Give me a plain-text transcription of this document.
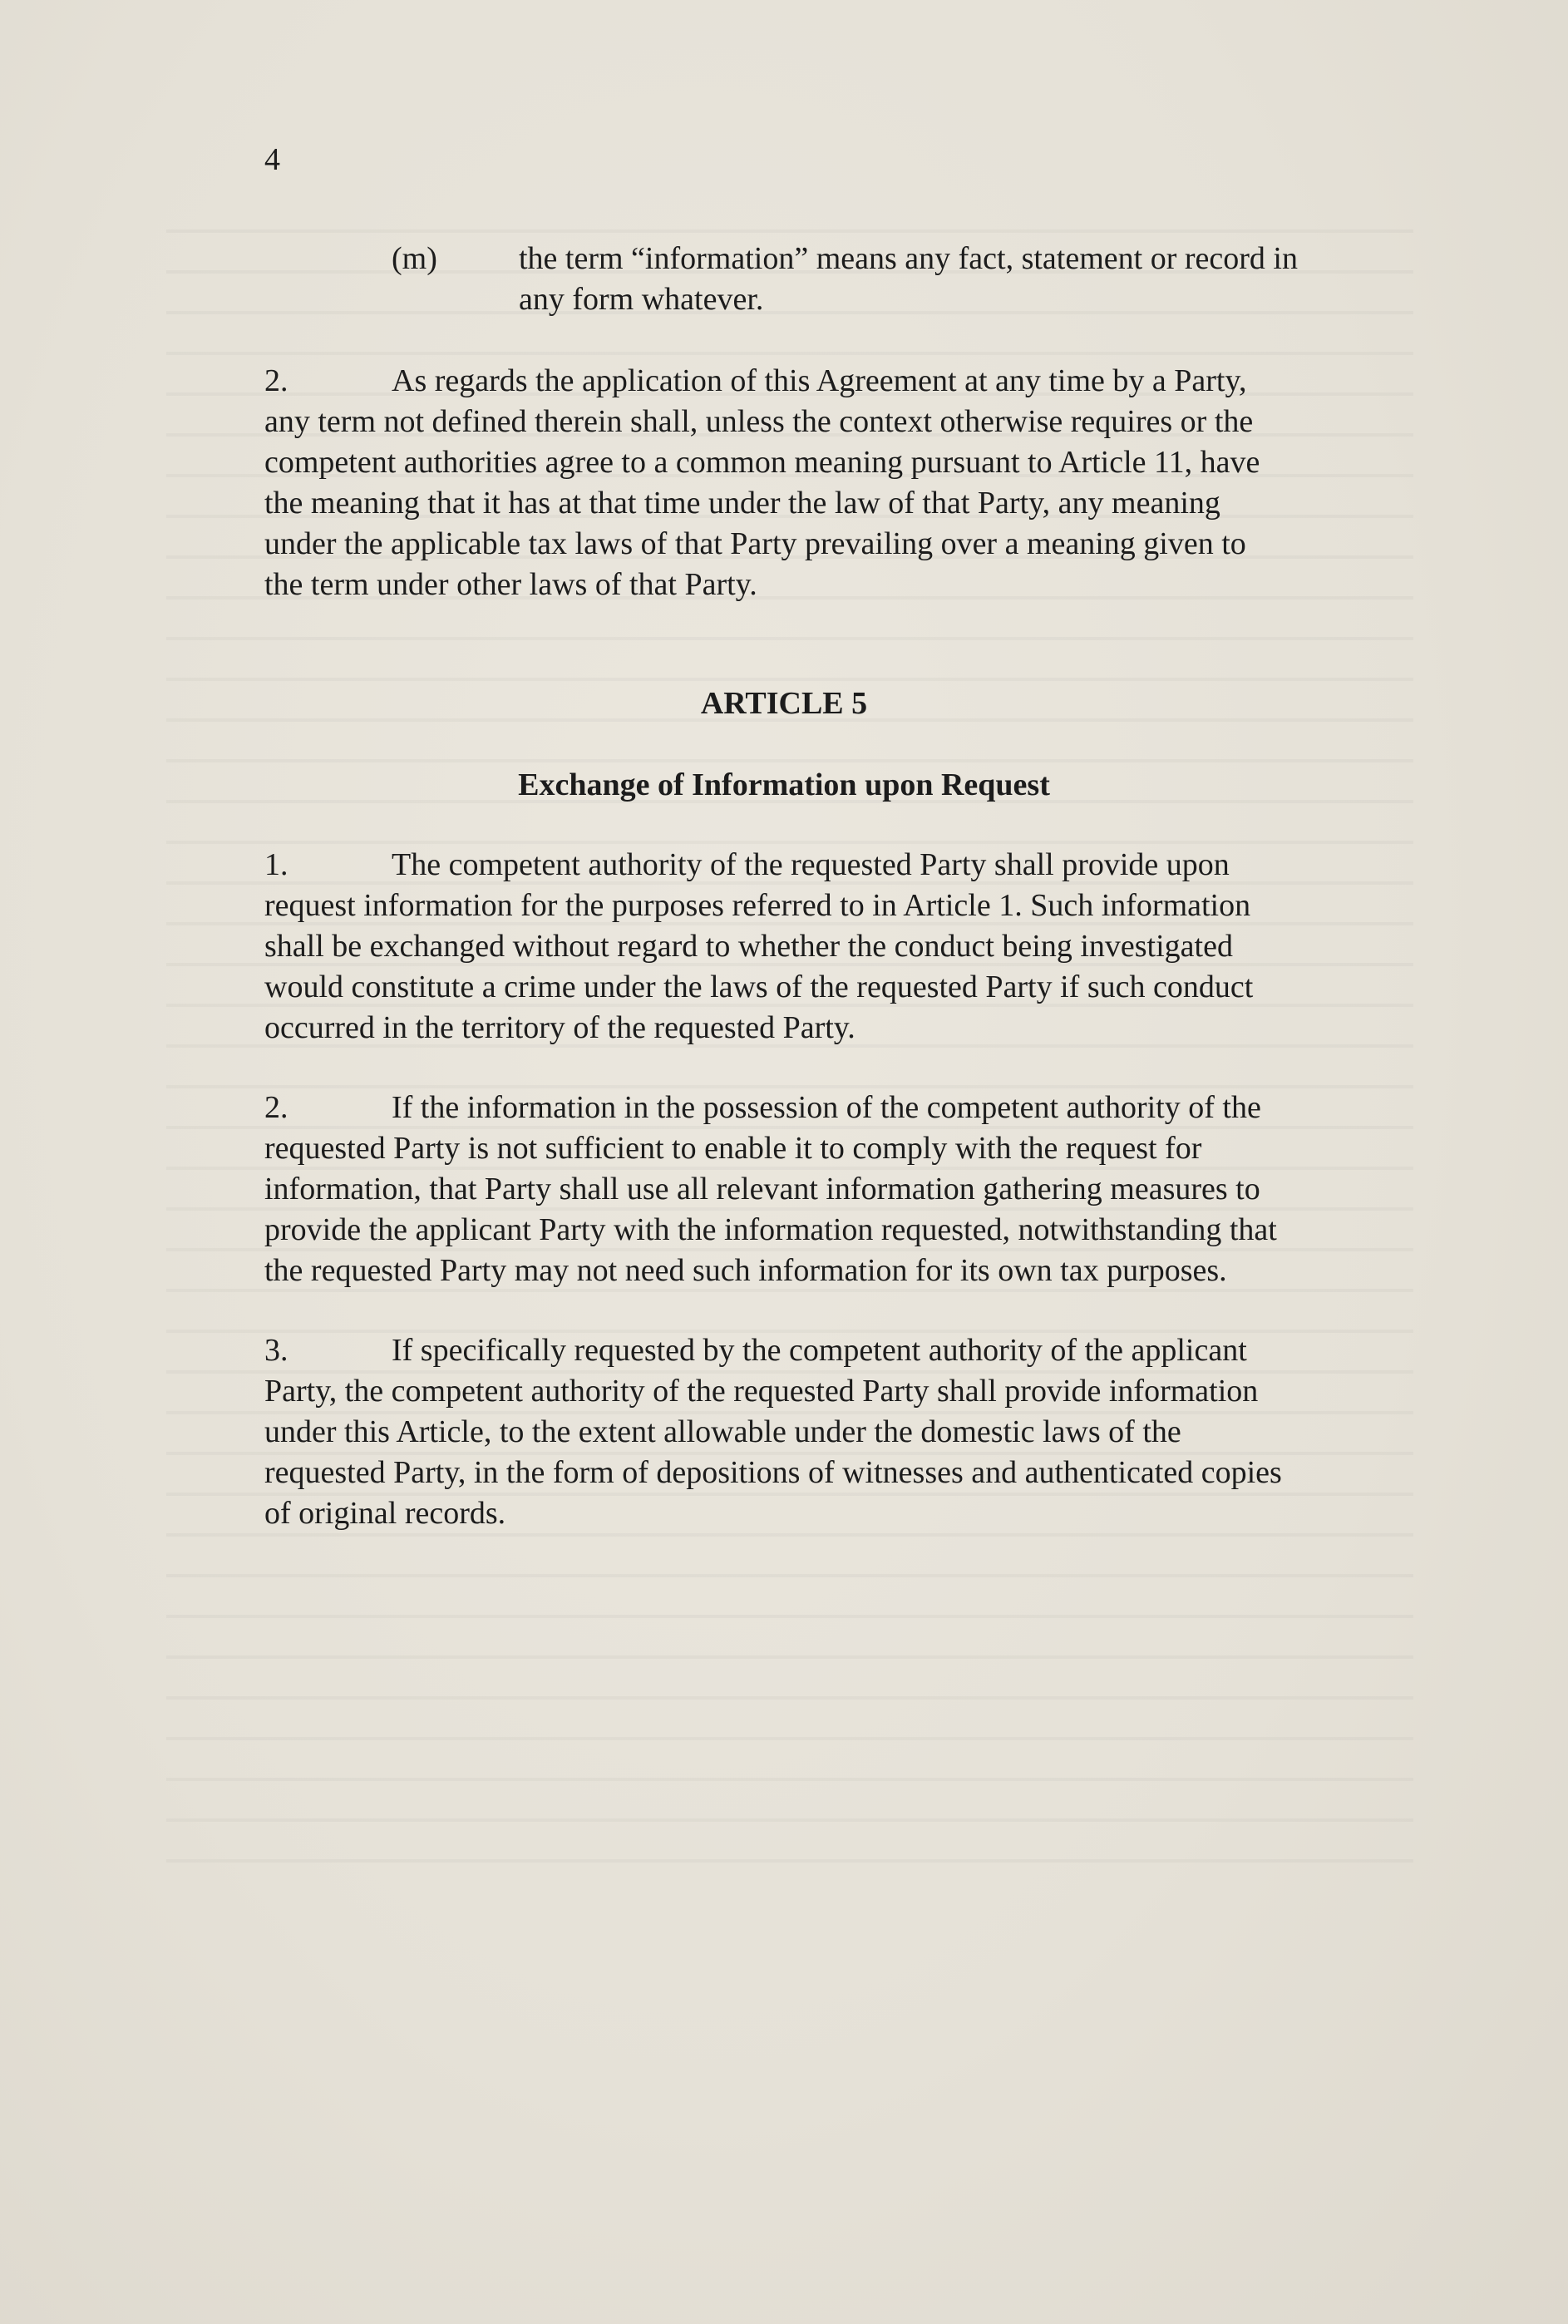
4
(m)	the term “information” means any fact, statement or record in
any form whatever.
2.	As regards the application of this Agreement at any time by a Party,
any term not defined therein shall, unless the context otherwise requires or the
competent authorities agree to a common meaning pursuant to Article 11, have
the meaning that it has at that time under the law of that Party, any meaning
under the applicable tax laws of that Party prevailing over a meaning given to
the term under other laws of that Party.
ARTICLE 5
Exchange of Information upon Request
1.	The competent authority of the requested Party shall provide upon
request information for the purposes referred to in Article 1. Such information
shall be exchanged without regard to whether the conduct being investigated
would constitute a crime under the laws of the requested Party if such conduct
occurred in the territory of the requested Party.
2.	If the information in the possession of the competent authority of the
requested Party is not sufficient to enable it to comply with the request for
information, that Party shall use all relevant information gathering measures to
provide the applicant Party with the information requested, notwithstanding that
the requested Party may not need such information for its own tax purposes.
3.	If specifically requested by the competent authority of the applicant
Party, the competent authority of the requested Party shall provide information
under this Article, to the extent allowable under the domestic laws of the
requested Party, in the form of depositions of witnesses and authenticated copies
of original records.
